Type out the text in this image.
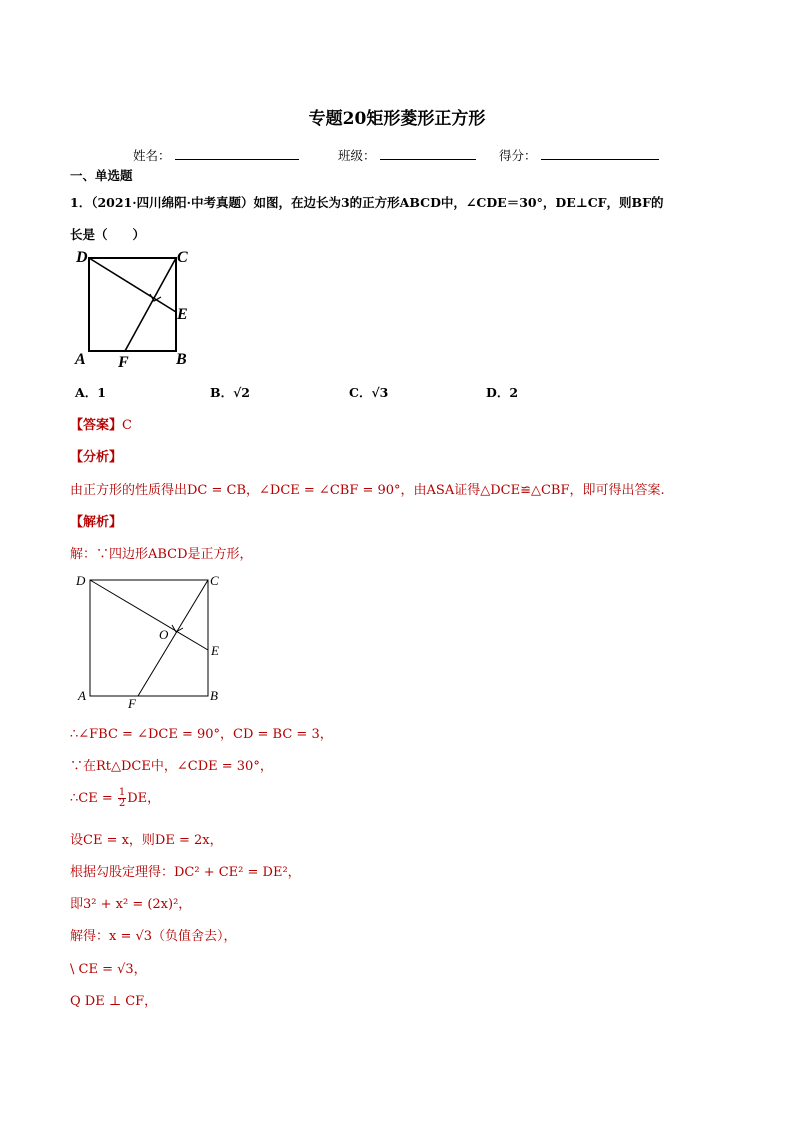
专题20矩形菱形正方形
姓名：	班级：	得分：
一、单选题
1．（2021·四川绵阳·中考真题）如图，在边长为3的正方形ABCD中，∠CDE＝30°，DE⊥CF，则BF的
长是（　　）
D	C
E
A F	B
A．1	B．√2	C．√3	D．2
【答案】C
【分析】
由正方形的性质得出DC = CB，∠DCE = ∠CBF = 90°，由ASA证得△DCE≌△CBF，即可得出答案.
【解析】
解：∵四边形ABCD是正方形，
D	C
O
E
A
F
B
∴∠FBC = ∠DCE = 90°，CD = BC = 3，
∵在Rt△DCE中，∠CDE = 30°，
∴CE = $\frac{1}{2}$ DE，
设CE = x，则DE = 2x，
根据勾股定理得：DC² + CE² = DE²，
即3² + x² = (2x)²，
解得：x = √3（负值舍去），
\ CE = √3，
Q DE ⊥ CF，
